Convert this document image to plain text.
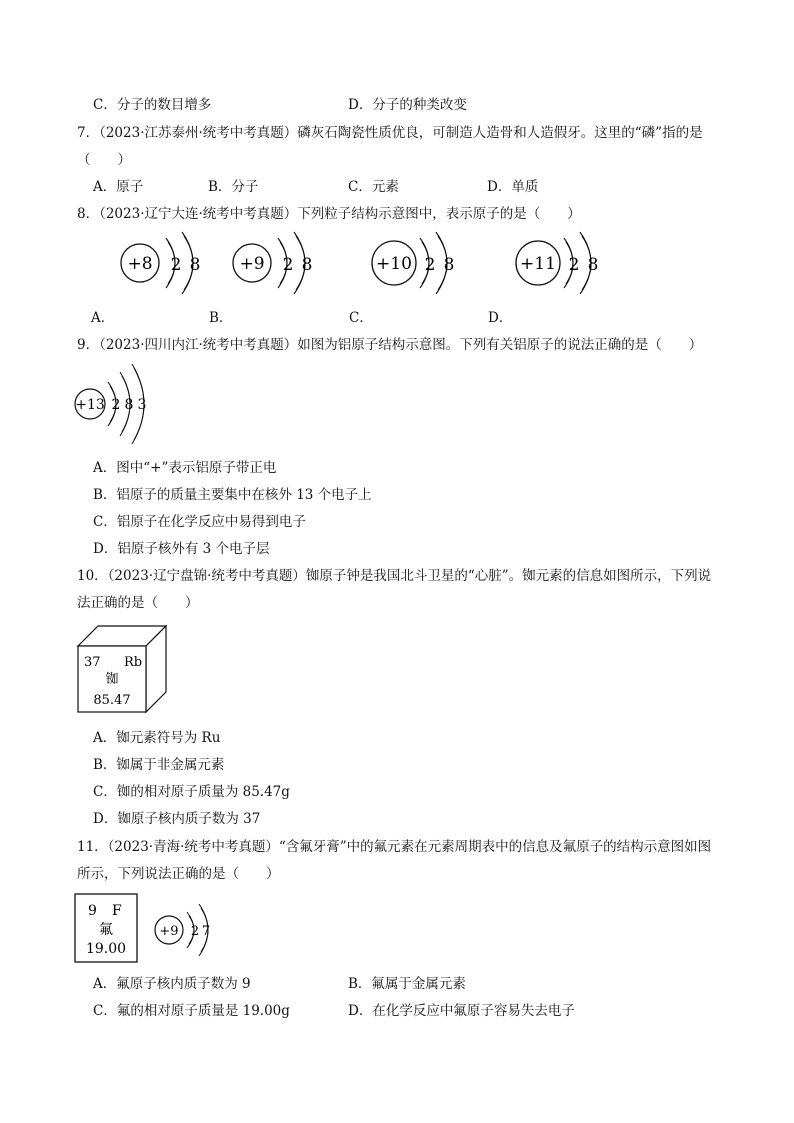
C．分子的数目增多	D．分子的种类改变
7．（2023·江苏泰州·统考中考真题）磷灰石陶瓷性质优良，可制造人造骨和人造假牙。这里的“磷”指的是
（　　）
A．原子	B．分子	C．元素	D．单质
8．（2023·辽宁大连·统考中考真题）下列粒子结构示意图中，表示原子的是（　　）
+8 2 8
A．
+9 2 8
B．
+10 2 8
C．
+11 2 8
D．
9．（2023·四川内江·统考中考真题）如图为铝原子结构示意图。下列有关铝原子的说法正确的是（　　）
+13 2 8 3
A．图中“+”表示铝原子带正电
B．铝原子的质量主要集中在核外 13 个电子上
C．铝原子在化学反应中易得到电子
D．铝原子核外有 3 个电子层
10．（2023·辽宁盘锦·统考中考真题）铷原子钟是我国北斗卫星的“心脏”。铷元素的信息如图所示，下列说
法正确的是（　　）
37 Rb
铷
85.47
A．铷元素符号为 Ru
B．铷属于非金属元素
C．铷的相对原子质量为 85.47g
D．铷原子核内质子数为 37
11．（2023·青海·统考中考真题）“含氟牙膏”中的氟元素在元素周期表中的信息及氟原子的结构示意图如图
所示，下列说法正确的是（　　）
9 F
氟
19.00
+9 2 7
A．氟原子核内质子数为 9	B．氟属于金属元素
C．氟的相对原子质量是 19.00g	D．在化学反应中氟原子容易失去电子
